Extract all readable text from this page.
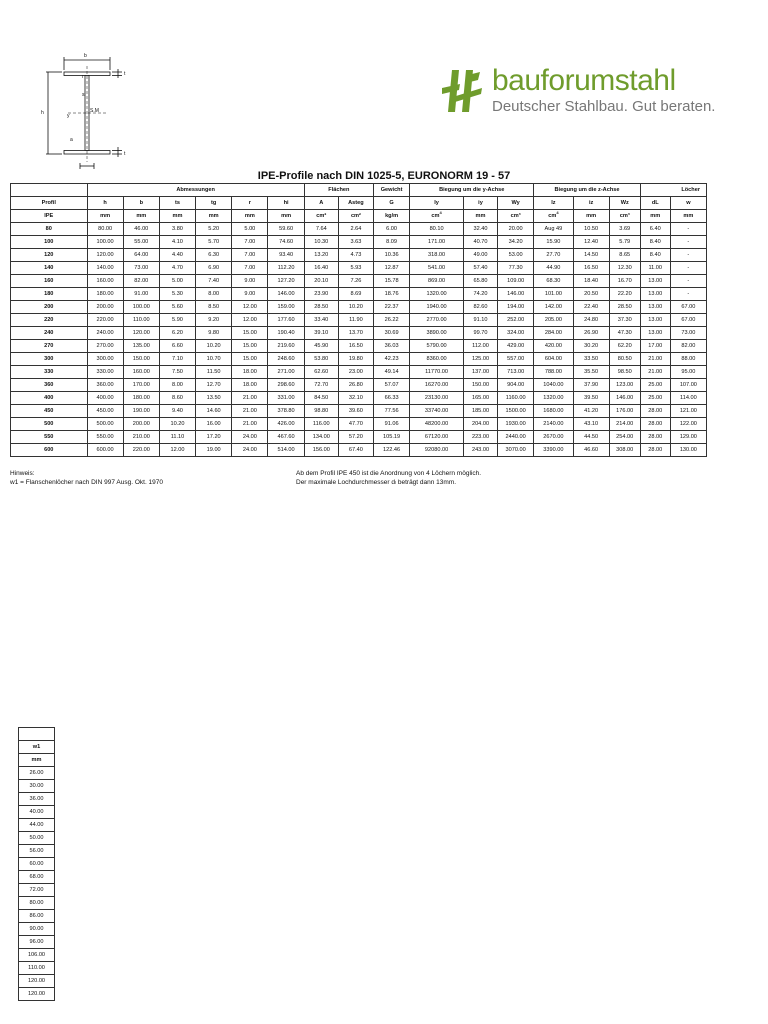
b
h
t
t
S.M
y
a
s
r	bauforumstahl
Deutscher Stahlbau. Gut beraten.
IPE-Profile nach DIN 1025-5, EURONORM 19 - 57
	Abmessungen						Flächen		Gewicht	Biegung um die y-Achse			Biegung um die z-Achse			Löcher	
Profil	h	b	ts	tg	r	hi	A	Asteg	G	Iy	iy	Wy	Iz	iz	Wz	dL	w
IPE	mm	mm	mm	mm	mm	mm	cm²	cm²	kg/m	$cm^4$	mm	cm³	$cm^4$	mm	cm³	mm	mm
80	80.00	46.00	3.80	5.20	5.00	59.60	7.64	2.64	6.00	80.10	32.40	20.00	Aug 49	10.50	3.69	6.40	-
100	100.00	55.00	4.10	5.70	7.00	74.60	10.30	3.63	8.09	171.00	40.70	34.20	15.90	12.40	5.79	8.40	-
120	120.00	64.00	4.40	6.30	7.00	93.40	13.20	4.73	10.36	318.00	49.00	53.00	27.70	14.50	8.65	8.40	-
140	140.00	73.00	4.70	6.90	7.00	112.20	16.40	5.93	12.87	541.00	57.40	77.30	44.90	16.50	12.30	11.00	-
160	160.00	82.00	5.00	7.40	9.00	127.20	20.10	7.26	15.78	869.00	65.80	109.00	68.30	18.40	16.70	13.00	-
180	180.00	91.00	5.30	8.00	9.00	146.00	23.90	8.69	18.76	1320.00	74.20	146.00	101.00	20.50	22.20	13.00	-
200	200.00	100.00	5.60	8.50	12.00	159.00	28.50	10.20	22.37	1940.00	82.60	194.00	142.00	22.40	28.50	13.00	67.00
220	220.00	110.00	5.90	9.20	12.00	177.60	33.40	11.90	26.22	2770.00	91.10	252.00	205.00	24.80	37.30	13.00	67.00
240	240.00	120.00	6.20	9.80	15.00	190.40	39.10	13.70	30.69	3890.00	99.70	324.00	284.00	26.90	47.30	13.00	73.00
270	270.00	135.00	6.60	10.20	15.00	219.60	45.90	16.50	36.03	5790.00	112.00	429.00	420.00	30.20	62.20	17.00	82.00
300	300.00	150.00	7.10	10.70	15.00	248.60	53.80	19.80	42.23	8360.00	125.00	557.00	604.00	33.50	80.50	21.00	88.00
330	330.00	160.00	7.50	11.50	18.00	271.00	62.60	23.00	49.14	11770.00	137.00	713.00	788.00	35.50	98.50	21.00	95.00
360	360.00	170.00	8.00	12.70	18.00	298.60	72.70	26.80	57.07	16270.00	150.00	904.00	1040.00	37.90	123.00	25.00	107.00
400	400.00	180.00	8.60	13.50	21.00	331.00	84.50	32.10	66.33	23130.00	165.00	1160.00	1320.00	39.50	146.00	25.00	114.00
450	450.00	190.00	9.40	14.60	21.00	378.80	98.80	39.60	77.56	33740.00	185.00	1500.00	1680.00	41.20	176.00	28.00	121.00
500	500.00	200.00	10.20	16.00	21.00	426.00	116.00	47.70	91.06	48200.00	204.00	1930.00	2140.00	43.10	214.00	28.00	122.00
550	550.00	210.00	11.10	17.20	24.00	467.60	134.00	57.20	105.19	67120.00	223.00	2440.00	2670.00	44.50	254.00	28.00	129.00
600	600.00	220.00	12.00	19.00	24.00	514.00	156.00	67.40	122.46	92080.00	243.00	3070.00	3390.00	46.60	308.00	28.00	130.00
Hinweis:
w1 = Flanschenlöcher nach DIN 997 Ausg. Okt. 1970
Ab dem Profil IPE 450 ist die Anordnung von 4 Löchern möglich.
Der maximale Lochdurchmesser dₗ beträgt dann 13mm.

w1
mm
26.00
30.00
36.00
40.00
44.00
50.00
56.00
60.00
68.00
72.00
80.00
86.00
90.00
96.00
106.00
110.00
120.00
120.00
